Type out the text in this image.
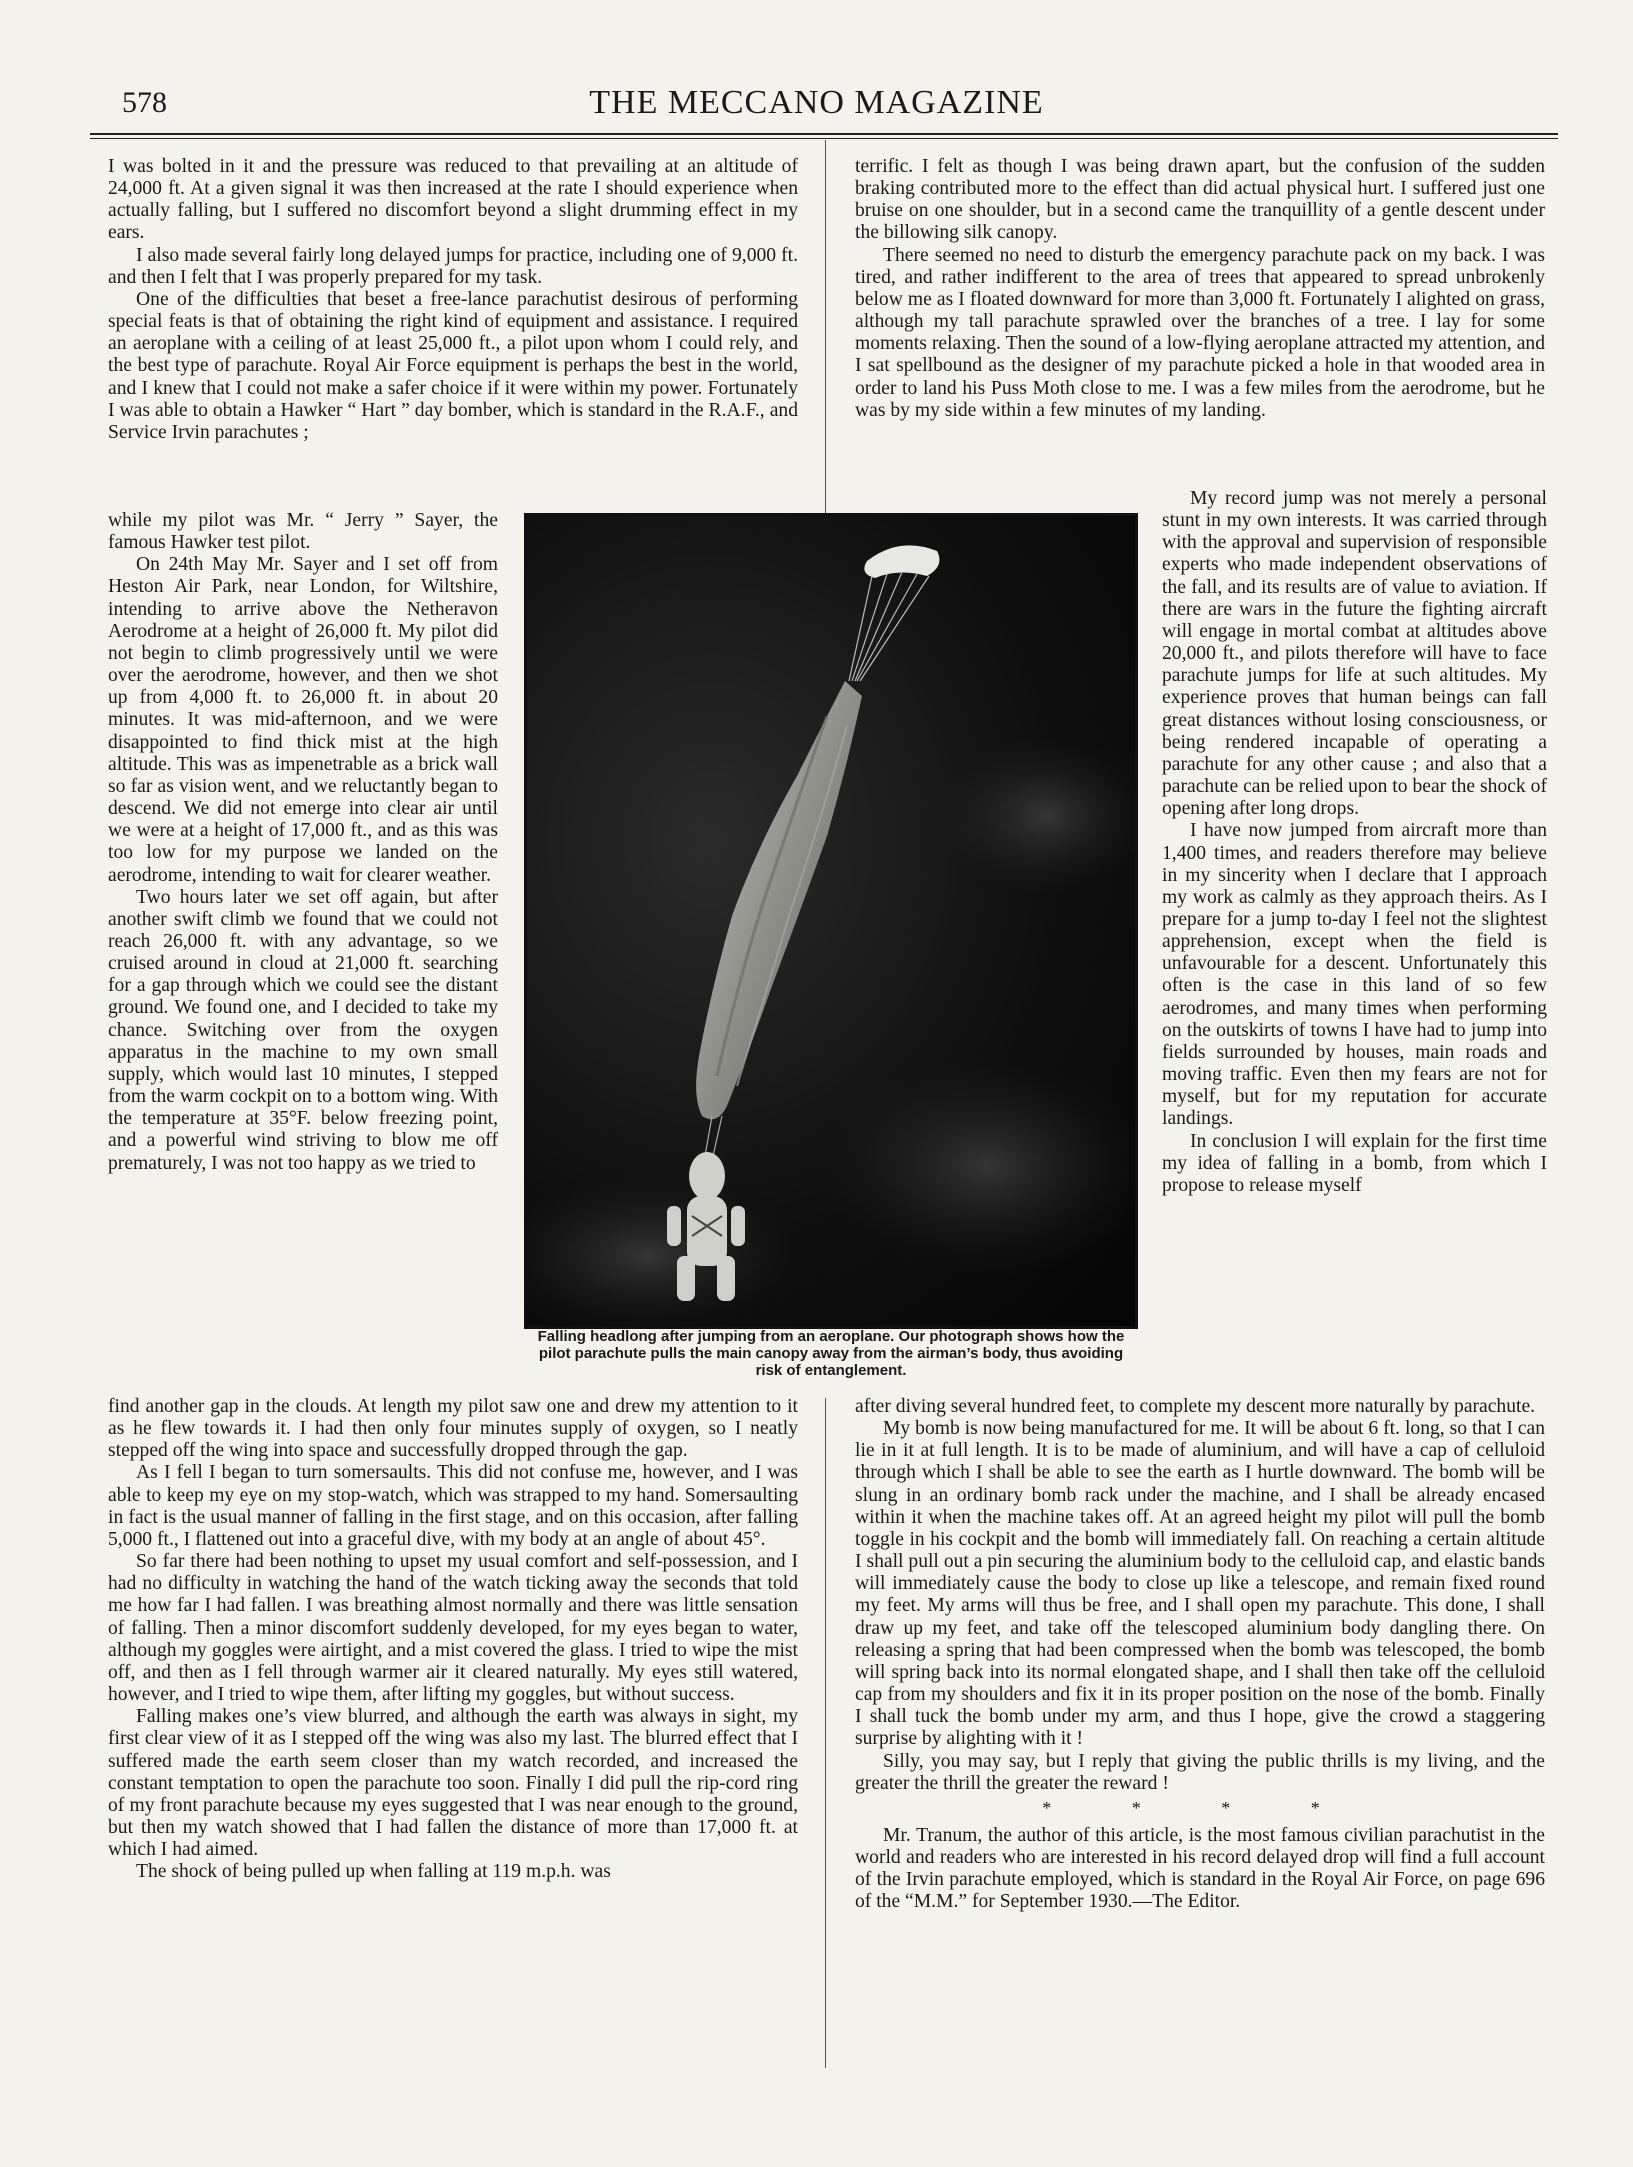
578	THE MECCANO MAGAZINE

I was bolted in it and the pressure was reduced to that prevailing at an altitude of 24,000 ft. At a given signal it was then increased at the rate I should experience when actually falling, but I suffered no discomfort beyond a slight drumming effect in my ears.

I also made several fairly long delayed jumps for practice, including one of 9,000 ft. and then I felt that I was properly prepared for my task.

One of the difficulties that beset a free-lance parachutist desirous of performing special feats is that of obtaining the right kind of equipment and assistance. I required an aeroplane with a ceiling of at least 25,000 ft., a pilot upon whom I could rely, and the best type of parachute. Royal Air Force equipment is perhaps the best in the world, and I knew that I could not make a safer choice if it were within my power. Fortunately I was able to obtain a Hawker “ Hart ” day bomber, which is standard in the R.A.F., and Service Irvin parachutes ;

while my pilot was Mr. “ Jerry ” Sayer, the famous Hawker test pilot.

On 24th May Mr. Sayer and I set off from Heston Air Park, near London, for Wiltshire, intending to arrive above the Netheravon Aerodrome at a height of 26,000 ft. My pilot did not begin to climb progressively until we were over the aerodrome, however, and then we shot up from 4,000 ft. to 26,000 ft. in about 20 minutes. It was mid-afternoon, and we were disappointed to find thick mist at the high altitude. This was as impenetrable as a brick wall so far as vision went, and we reluctantly began to descend. We did not emerge into clear air until we were at a height of 17,000 ft., and as this was too low for my purpose we landed on the aerodrome, intending to wait for clearer weather.

Two hours later we set off again, but after another swift climb we found that we could not reach 26,000 ft. with any advantage, so we cruised around in cloud at 21,000 ft. searching for a gap through which we could see the distant ground. We found one, and I decided to take my chance. Switching over from the oxygen apparatus in the machine to my own small supply, which would last 10 minutes, I stepped from the warm cockpit on to a bottom wing. With the temperature at 35°F. below freezing point, and a powerful wind striving to blow me off prematurely, I was not too happy as we tried to

find another gap in the clouds. At length my pilot saw one and drew my attention to it as he flew towards it. I had then only four minutes supply of oxygen, so I neatly stepped off the wing into space and successfully dropped through the gap.

As I fell I began to turn somersaults. This did not confuse me, however, and I was able to keep my eye on my stop-watch, which was strapped to my hand. Somersaulting in fact is the usual manner of falling in the first stage, and on this occasion, after falling 5,000 ft., I flattened out into a graceful dive, with my body at an angle of about 45°.

So far there had been nothing to upset my usual comfort and self-possession, and I had no difficulty in watching the hand of the watch ticking away the seconds that told me how far I had fallen. I was breathing almost normally and there was little sensation of falling. Then a minor discomfort suddenly developed, for my eyes began to water, although my goggles were airtight, and a mist covered the glass. I tried to wipe the mist off, and then as I fell through warmer air it cleared naturally. My eyes still watered, however, and I tried to wipe them, after lifting my goggles, but without success.

Falling makes one’s view blurred, and although the earth was always in sight, my first clear view of it as I stepped off the wing was also my last. The blurred effect that I suffered made the earth seem closer than my watch recorded, and increased the constant temptation to open the parachute too soon. Finally I did pull the rip-cord ring of my front parachute because my eyes suggested that I was near enough to the ground, but then my watch showed that I had fallen the distance of more than 17,000 ft. at which I had aimed.

The shock of being pulled up when falling at 119 m.p.h. was

terrific. I felt as though I was being drawn apart, but the confusion of the sudden braking contributed more to the effect than did actual physical hurt. I suffered just one bruise on one shoulder, but in a second came the tranquillity of a gentle descent under the billowing silk canopy.

There seemed no need to disturb the emergency parachute pack on my back. I was tired, and rather indifferent to the area of trees that appeared to spread unbrokenly below me as I floated downward for more than 3,000 ft. Fortunately I alighted on grass, although my tall parachute sprawled over the branches of a tree. I lay for some moments relaxing. Then the sound of a low-flying aeroplane attracted my attention, and I sat spellbound as the designer of my parachute picked a hole in that wooded area in order to land his Puss Moth close to me. I was a few miles from the aerodrome, but he was by my side within a few minutes of my landing.

My record jump was not merely a personal stunt in my own interests. It was carried through with the approval and supervision of responsible experts who made independent observations of the fall, and its results are of value to aviation. If there are wars in the future the fighting aircraft will engage in mortal combat at altitudes above 20,000 ft., and pilots therefore will have to face parachute jumps for life at such altitudes. My experience proves that human beings can fall great distances without losing consciousness, or being rendered incapable of operating a parachute for any other cause ; and also that a parachute can be relied upon to bear the shock of opening after long drops.

I have now jumped from aircraft more than 1,400 times, and readers therefore may believe in my sincerity when I declare that I approach my work as calmly as they approach theirs. As I prepare for a jump to-day I feel not the slightest apprehension, except when the field is unfavourable for a descent. Unfortunately this often is the case in this land of so few aerodromes, and many times when performing on the outskirts of towns I have had to jump into fields surrounded by houses, main roads and moving traffic. Even then my fears are not for myself, but for my reputation for accurate landings.

In conclusion I will explain for the first time my idea of falling in a bomb, from which I propose to release myself

after diving several hundred feet, to complete my descent more naturally by parachute.

My bomb is now being manufactured for me. It will be about 6 ft. long, so that I can lie in it at full length. It is to be made of aluminium, and will have a cap of celluloid through which I shall be able to see the earth as I hurtle downward. The bomb will be slung in an ordinary bomb rack under the machine, and I shall be already encased within it when the machine takes off. At an agreed height my pilot will pull the bomb toggle in his cockpit and the bomb will immediately fall. On reaching a certain altitude I shall pull out a pin securing the aluminium body to the celluloid cap, and elastic bands will immediately cause the body to close up like a telescope, and remain fixed round my feet. My arms will thus be free, and I shall open my parachute. This done, I shall draw up my feet, and take off the telescoped aluminium body dangling there. On releasing a spring that had been compressed when the bomb was telescoped, the bomb will spring back into its normal elongated shape, and I shall then take off the celluloid cap from my shoulders and fix it in its proper position on the nose of the bomb. Finally I shall tuck the bomb under my arm, and thus I hope, give the crowd a staggering surprise by alighting with it !

Silly, you may say, but I reply that giving the public thrills is my living, and the greater the thrill the greater the reward !

* * * *

Mr. Tranum, the author of this article, is the most famous civilian parachutist in the world and readers who are interested in his record delayed drop will find a full account of the Irvin parachute employed, which is standard in the Royal Air Force, on page 696 of the “M.M.” for September 1930.—The Editor.

Falling headlong after jumping from an aeroplane. Our photograph shows how the pilot parachute pulls the main canopy away from the airman’s body, thus avoiding risk of entanglement.
